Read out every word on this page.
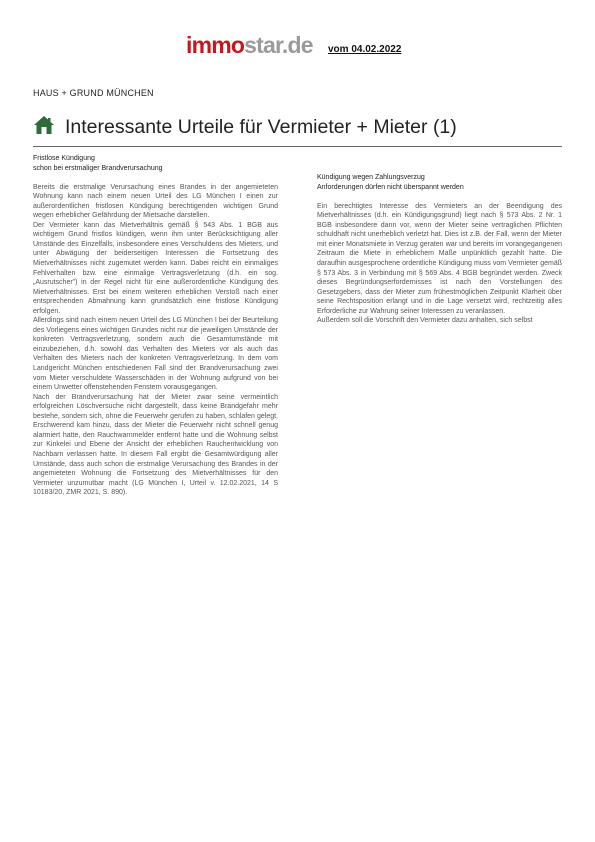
immostar.de vom 04.02.2022
HAUS + GRUND MÜNCHEN
Interessante Urteile für Vermieter + Mieter (1)

Fristlose Kündigung

schon bei erstmaliger Brandverursachung

Bereits die erstmalige Verursachung eines Brandes in der angemieteten Wohnung kann nach einem neuen Urteil des LG München I einen zur außerordentlichen fristlosen Kündigung berechtigenden wichtigen Grund wegen erheblicher Gefährdung der Mietsache darstellen.

Der Vermieter kann das Mietverhältnis gemäß § 543 Abs. 1 BGB aus wichtigem Grund fristlos kündigen, wenn ihm unter Berücksichtigung aller Umstände des Einzelfalls, insbesondere eines Verschuldens des Mieters, und unter Abwägung der beiderseitigen Interessen die Fortsetzung des Mietverhältnisses nicht zugemutet werden kann. Dabei reicht ein einmaliges Fehlverhalten bzw. eine einmalige Vertragsverletzung (d.h. ein sog. „Ausrutscher") in der Regel nicht für eine außerordentliche Kündigung des Mietverhältnisses. Erst bei einem weiteren erheblichen Verstoß nach einer entsprechenden Abmahnung kann grundsätzlich eine fristlose Kündigung erfolgen.

Allerdings sind nach einem neuen Urteil des LG München I bei der Beurteilung des Vorliegens eines wichtigen Grundes nicht nur die jeweiligen Umstände der konkreten Vertragsverletzung, sondern auch die Gesamtumstände mit einzubeziehen, d.h. sowohl das Verhalten des Mieters vor als auch das Verhalten des Mieters nach der konkreten Vertragsverletzung. In dem vom Landgericht München entschiedenen Fall sind der Brandverursachung zwei vom Mieter verschuldete Wasserschäden in der Wohnung aufgrund von bei einem Unwetter offenstehenden Fenstern vorausgegangen.

Nach der Brandverursachung hat der Mieter zwar seine vermeintlich erfolgreichen Löschversuche nicht dargestellt, dass keine Brandgefahr mehr bestehe, sondern sich, ohne die Feuerwehr gerufen zu haben, schlafen gelegt. Erschwerend kam hinzu, dass der Mieter die Feuerwehr nicht schnell genug alarmiert hatte, den Rauchwarnmelder entfernt hatte und die Wohnung selbst zur Kinkelei und Ebene der Ansicht der erheblichen Rauchentwicklung von Nachbarn verlassen hatte. In diesem Fall ergibt die Gesamtwürdigung aller Umstände, dass auch schon die erstmalige Verursachung des Brandes in der angemieteten Wohnung die Fortsetzung des Mietverhältnisses für den Vermieter unzumutbar macht (LG München I, Urteil v. 12.02.2021, 14 S 10183/20, ZMR 2021, S. 890).

Kündigung wegen Zahlungsverzug

Anforderungen dürfen nicht überspannt werden

Ein berechtigtes Interesse des Vermieters an der Beendigung des Mietverhältnisses (d.h. ein Kündigungsgrund) liegt nach § 573 Abs. 2 Nr. 1 BGB insbesondere dann vor, wenn der Mieter seine vertraglichen Pflichten schuldhaft nicht unerheblich verletzt hat. Dies ist z.B. der Fall, wenn der Mieter mit einer Monatsmiete in Verzug geraten war und bereits im vorangegangenen Zeitraum die Miete in erheblichem Maße unpünktlich gezahlt hatte. Die daraufhin ausgesprochene ordentliche Kündigung muss vom Vermieter gemäß § 573 Abs. 3 in Verbindung mit § 569 Abs. 4 BGB begründet werden. Zweck dieses Begründungserfordernisses ist nach den Vorstellungen des Gesetzgebers, dass der Mieter zum frühestmöglichen Zeitpunkt Klarheit über seine Rechtsposition erlangt und in die Lage versetzt wird, rechtzeitig alles Erforderliche zur Wahrung seiner Interessen zu veranlassen.

Außerdem soll die Vorschrift den Vermieter dazu anhalten, sich selbst
